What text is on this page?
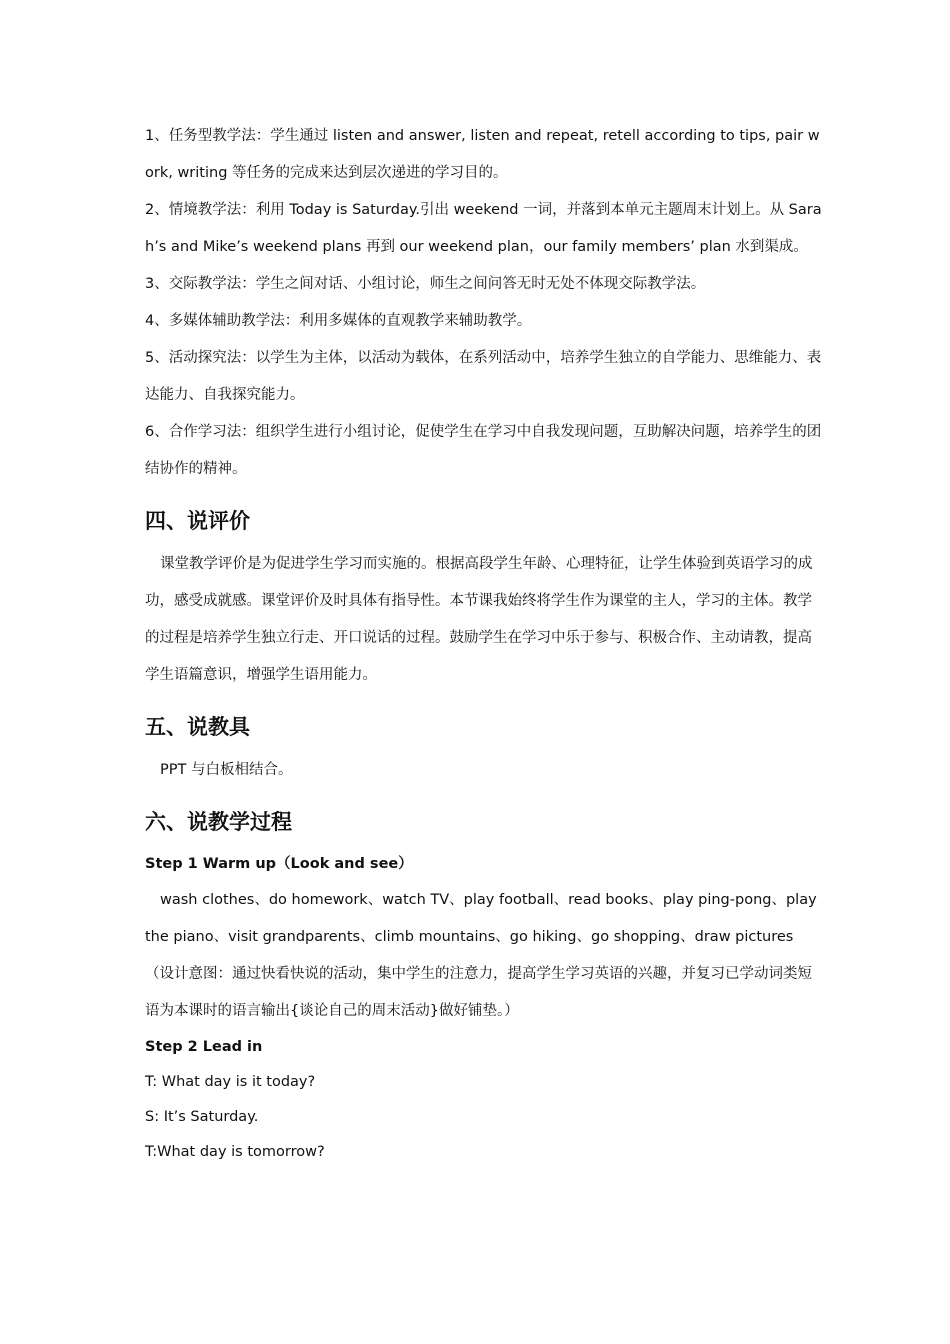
1、任务型教学法：学生通过 listen and answer, listen and repeat, retell according to tips, pair work, writing 等任务的完成来达到层次递进的学习目的。

2、情境教学法：利用 Today is Saturday.引出 weekend 一词，并落到本单元主题周末计划上。从 Sarah’s and Mike’s weekend plans 再到 our weekend plan，our family members’ plan 水到渠成。

3、交际教学法：学生之间对话、小组讨论，师生之间问答无时无处不体现交际教学法。

4、多媒体辅助教学法：利用多媒体的直观教学来辅助教学。

5、活动探究法：以学生为主体，以活动为载体，在系列活动中，培养学生独立的自学能力、思维能力、表达能力、自我探究能力。

6、合作学习法：组织学生进行小组讨论，促使学生在学习中自我发现问题，互助解决问题，培养学生的团结协作的精神。

四、说评价

课堂教学评价是为促进学生学习而实施的。根据高段学生年龄、心理特征，让学生体验到英语学习的成功，感受成就感。课堂评价及时具体有指导性。本节课我始终将学生作为课堂的主人，学习的主体。教学的过程是培养学生独立行走、开口说话的过程。鼓励学生在学习中乐于参与、积极合作、主动请教，提高学生语篇意识，增强学生语用能力。

五、说教具

PPT 与白板相结合。

六、说教学过程

Step 1 Warm up（Look and see）

wash clothes、do homework、watch TV、play football、read books、play ping-pong、play the piano、visit grandparents、climb mountains、go hiking、go shopping、draw pictures

（设计意图：通过快看快说的活动，集中学生的注意力，提高学生学习英语的兴趣，并复习已学动词类短语为本课时的语言输出{谈论自己的周末活动}做好铺垫。）

Step 2 Lead in

T: What day is it today?

S: It’s Saturday.

T:What day is tomorrow?
